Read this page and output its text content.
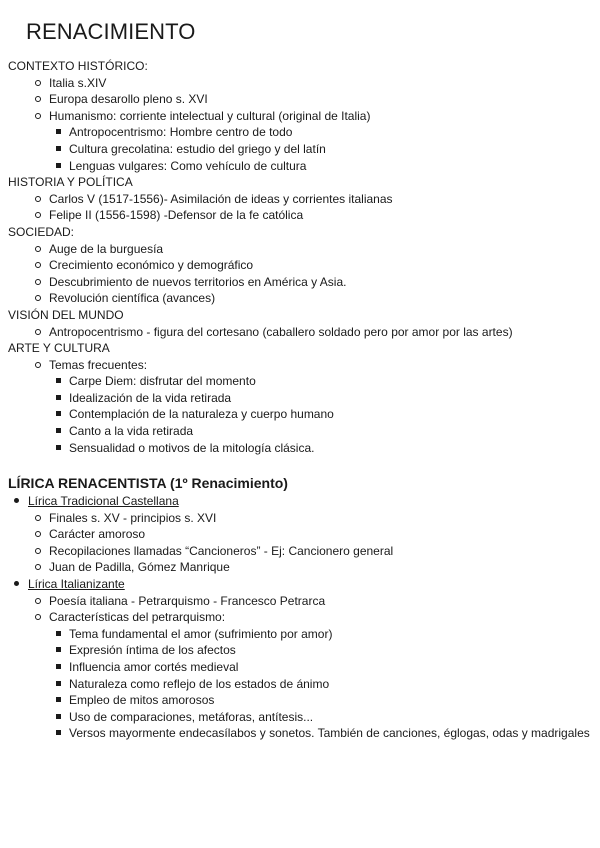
RENACIMIENTO
CONTEXTO HISTÓRICO:
Italia s.XIV
Europa desarollo pleno s. XVI
Humanismo: corriente intelectual y cultural (original de Italia)
Antropocentrismo: Hombre centro de todo
Cultura grecolatina: estudio del griego y del latín
Lenguas vulgares: Como vehículo de cultura
HISTORIA Y POLÍTICA
Carlos V (1517-1556)- Asimilación de ideas y corrientes italianas
Felipe II (1556-1598) -Defensor de la fe católica
SOCIEDAD:
Auge de la burguesía
Crecimiento económico y demográfico
Descubrimiento de nuevos territorios en América y Asia.
Revolución científica (avances)
VISIÓN DEL MUNDO
Antropocentrismo - figura del cortesano (caballero soldado pero por amor por las artes)
ARTE Y CULTURA
Temas frecuentes:
Carpe Diem: disfrutar del momento
Idealización de la vida retirada
Contemplación de la naturaleza y cuerpo humano
Canto a la vida retirada
Sensualidad o motivos de la mitología clásica.
LÍRICA RENACENTISTA (1º Renacimiento)
Lírica Tradicional Castellana
Finales s. XV - principios s. XVI
Carácter amoroso
Recopilaciones llamadas “Cancioneros” - Ej: Cancionero general
Juan de Padilla, Gómez Manrique
Lírica Italianizante
Poesía italiana - Petrarquismo - Francesco Petrarca
Características del petrarquismo:
Tema fundamental el amor (sufrimiento por amor)
Expresión íntima de los afectos
Influencia amor cortés medieval
Naturaleza como reflejo de los estados de ánimo
Empleo de mitos amorosos
Uso de comparaciones, metáforas, antítesis...
Versos mayormente endecasílabos y sonetos. También de canciones, églogas, odas y madrigales
